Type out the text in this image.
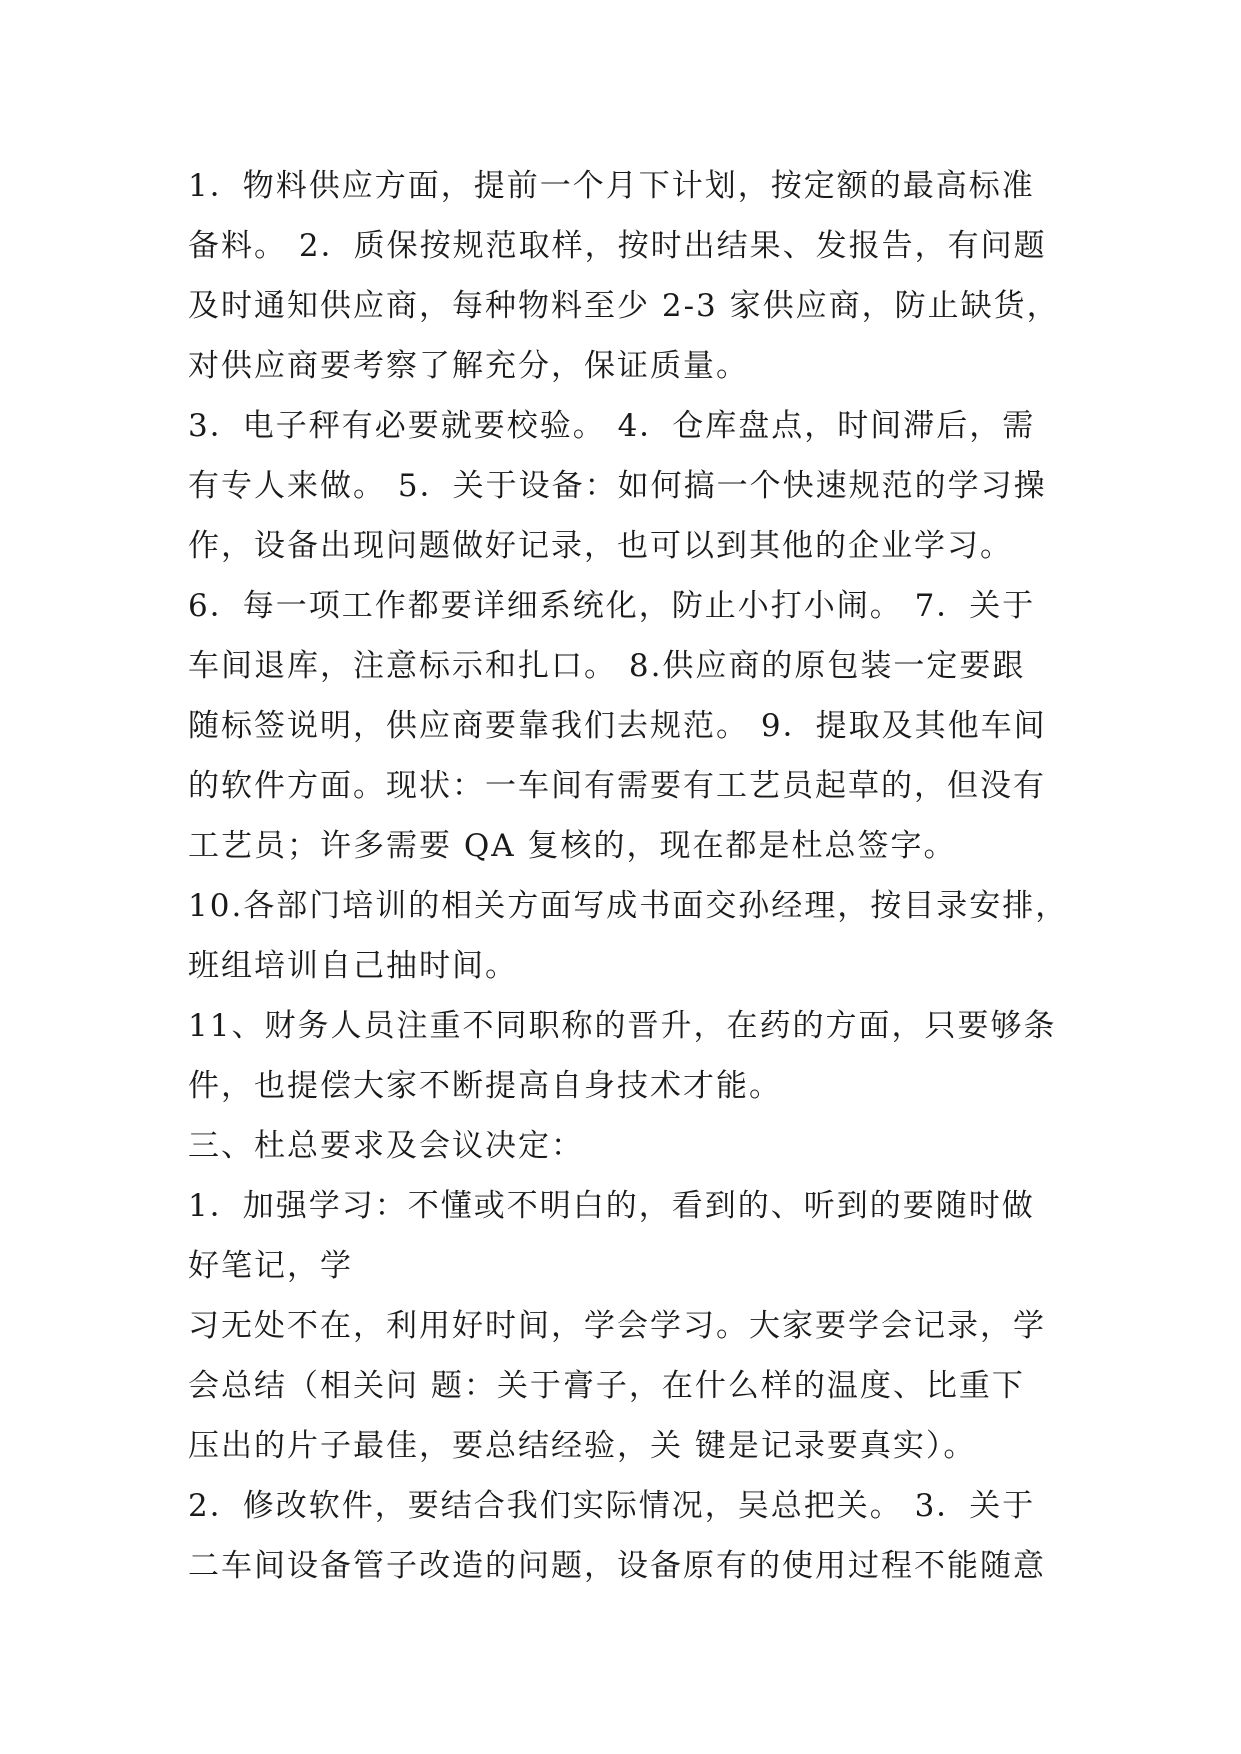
1．物料供应方面，提前一个月下计划，按定额的最高标准
备料。 2．质保按规范取样，按时出结果、发报告，有问题
及时通知供应商，每种物料至少 2-3 家供应商，防止缺货，
对供应商要考察了解充分，保证质量。
3．电子秤有必要就要校验。 4．仓库盘点，时间滞后，需
有专人来做。 5．关于设备：如何搞一个快速规范的学习操
作，设备出现问题做好记录，也可以到其他的企业学习。
6．每一项工作都要详细系统化，防止小打小闹。 7．关于
车间退库，注意标示和扎口。 8.供应商的原包装一定要跟
随标签说明，供应商要靠我们去规范。 9．提取及其他车间
的软件方面。现状：一车间有需要有工艺员起草的，但没有
工艺员；许多需要 QA 复核的，现在都是杜总签字。
10.各部门培训的相关方面写成书面交孙经理，按目录安排，
班组培训自己抽时间。
11、财务人员注重不同职称的晋升，在药的方面，只要够条
件，也提偿大家不断提高自身技术才能。
三、杜总要求及会议决定：
1．加强学习：不懂或不明白的，看到的、听到的要随时做
好笔记，学
习无处不在，利用好时间，学会学习。大家要学会记录，学
会总结（相关问 题：关于膏子，在什么样的温度、比重下
压出的片子最佳，要总结经验，关 键是记录要真实）。
2．修改软件，要结合我们实际情况，吴总把关。 3．关于
二车间设备管子改造的问题，设备原有的使用过程不能随意
